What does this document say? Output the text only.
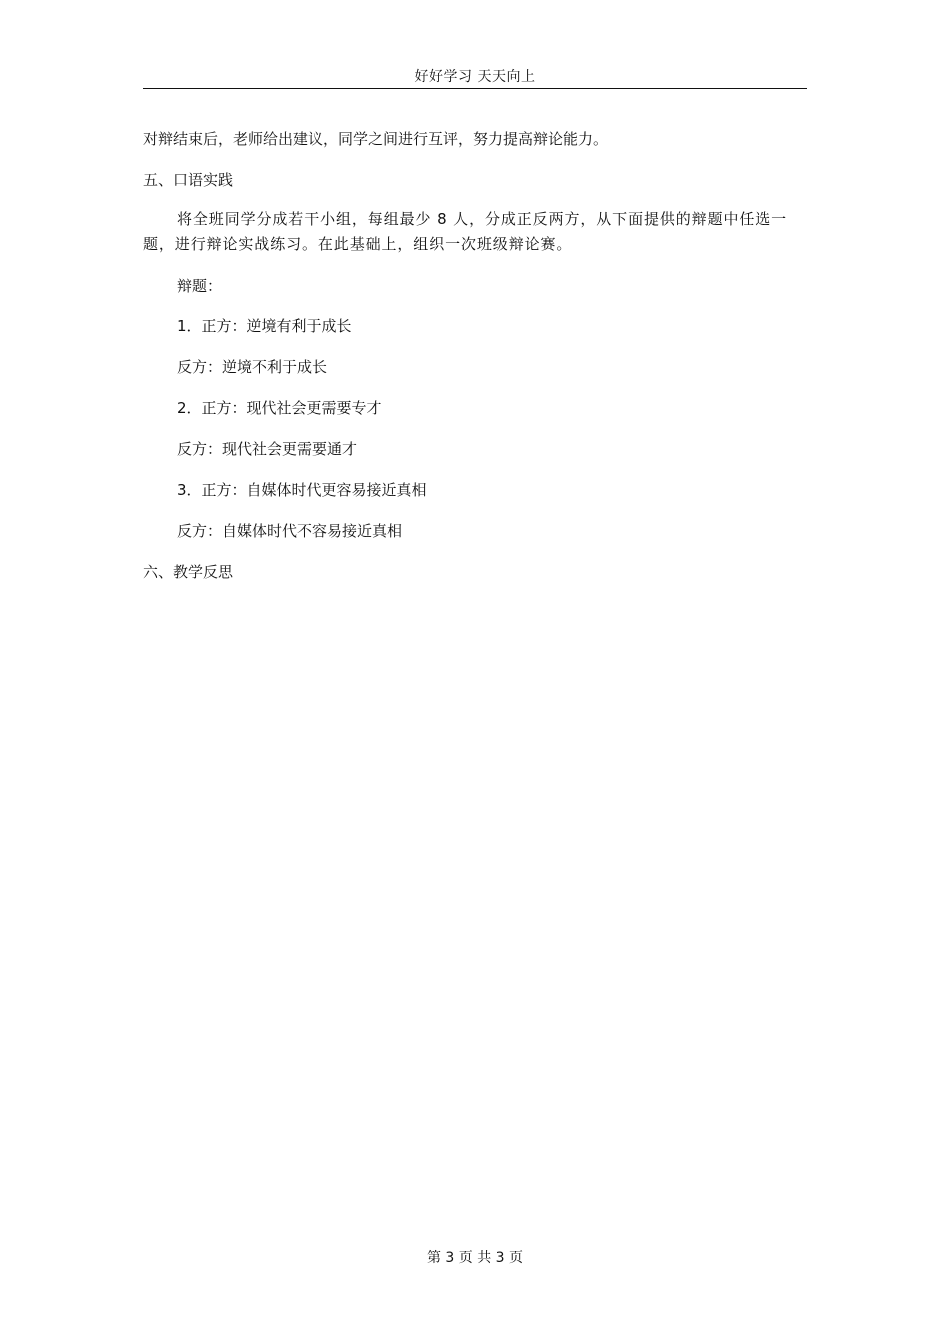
好好学习 天天向上

对辩结束后，老师给出建议，同学之间进行互评，努力提高辩论能力。

五、口语实践

将全班同学分成若干小组，每组最少 8 人，分成正反两方，从下面提供的辩题中任选一题，进行辩论实战练习。在此基础上，组织一次班级辩论赛。

辩题：

1．正方：逆境有利于成长

反方：逆境不利于成长

2．正方：现代社会更需要专才

反方：现代社会更需要通才

3．正方：自媒体时代更容易接近真相

反方：自媒体时代不容易接近真相

六、教学反思

第 3 页 共 3 页
